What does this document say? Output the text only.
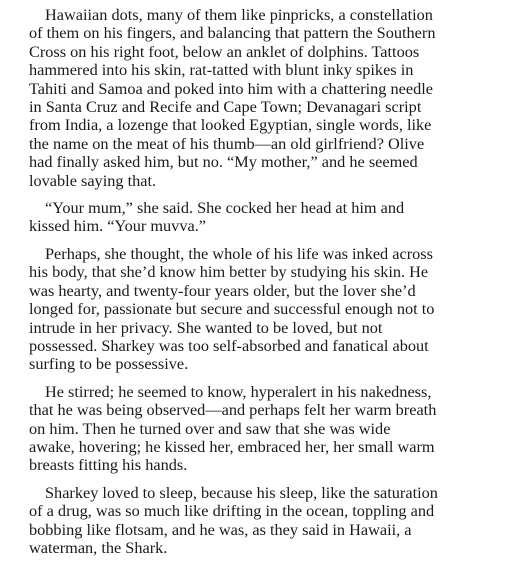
Hawaiian dots, many of them like pinpricks, a constellation
of them on his fingers, and balancing that pattern the Southern
Cross on his right foot, below an anklet of dolphins. Tattoos
hammered into his skin, rat-tatted with blunt inky spikes in
Tahiti and Samoa and poked into him with a chattering needle
in Santa Cruz and Recife and Cape Town; Devanagari script
from India, a lozenge that looked Egyptian, single words, like
the name on the meat of his thumb—an old girlfriend? Olive
had finally asked him, but no. “My mother,” and he seemed
lovable saying that.

“Your mum,” she said. She cocked her head at him and
kissed him. “Your muvva.”

Perhaps, she thought, the whole of his life was inked across
his body, that she’d know him better by studying his skin. He
was hearty, and twenty-four years older, but the lover she’d
longed for, passionate but secure and successful enough not to
intrude in her privacy. She wanted to be loved, but not
possessed. Sharkey was too self-absorbed and fanatical about
surfing to be possessive.

He stirred; he seemed to know, hyperalert in his nakedness,
that he was being observed—and perhaps felt her warm breath
on him. Then he turned over and saw that she was wide
awake, hovering; he kissed her, embraced her, her small warm
breasts fitting his hands.

Sharkey loved to sleep, because his sleep, like the saturation
of a drug, was so much like drifting in the ocean, toppling and
bobbing like flotsam, and he was, as they said in Hawaii, a
waterman, the Shark.
